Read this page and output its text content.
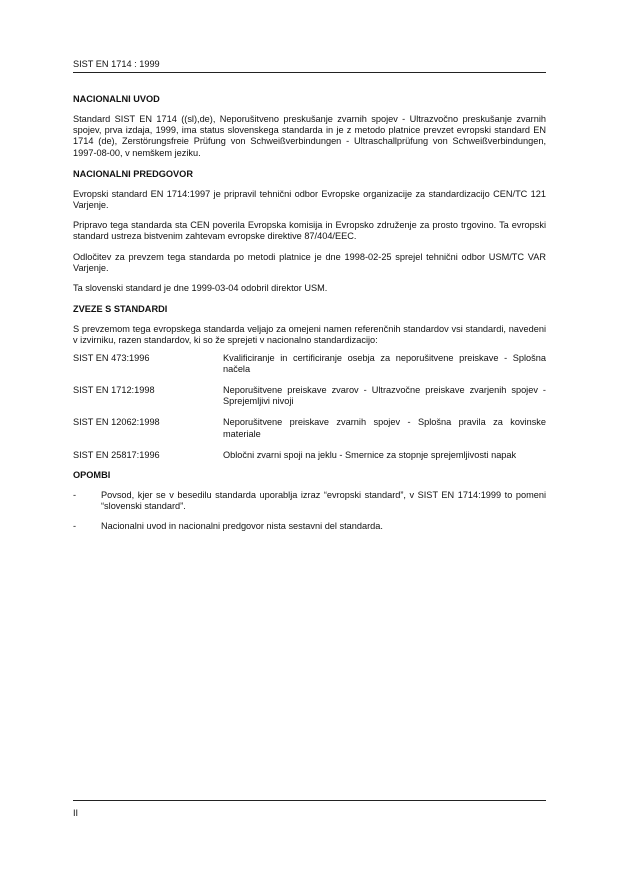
SIST EN 1714 : 1999
NACIONALNI UVOD

Standard SIST EN 1714 ((sl),de), Neporušitveno preskušanje zvarnih spojev - Ultrazvočno preskušanje zvarnih spojev, prva izdaja, 1999, ima status slovenskega standarda in je z metodo platnice prevzet evropski standard EN 1714 (de), Zerstörungsfreie Prüfung von Schweißverbindungen - Ultraschallprüfung von Schweißverbindungen, 1997-08-00, v nemškem jeziku.

NACIONALNI PREDGOVOR

Evropski standard EN 1714:1997 je pripravil tehnični odbor Evropske organizacije za standardizacijo CEN/TC 121 Varjenje.

Pripravo tega standarda sta CEN poverila Evropska komisija in Evropsko združenje za prosto trgovino. Ta evropski standard ustreza bistvenim zahtevam evropske direktive 87/404/EEC.

Odločitev za prevzem tega standarda po metodi platnice je dne 1998-02-25 sprejel tehnični odbor USM/TC VAR Varjenje.

Ta slovenski standard je dne 1999-03-04 odobril direktor USM.

ZVEZE S STANDARDI

S prevzemom tega evropskega standarda veljajo za omejeni namen referenčnih standardov vsi standardi, navedeni v izvirniku, razen standardov, ki so že sprejeti v nacionalno standardizacijo:

SIST EN 473:1996	Kvalificiranje in certificiranje osebja za neporušitvene preiskave - Splošna načela
SIST EN 1712:1998	Neporušitvene preiskave zvarov - Ultrazvočne preiskave zvarjenih spojev - Sprejemljivi nivoji
SIST EN 12062:1998	Neporušitvene preiskave zvarnih spojev - Splošna pravila za kovinske materiale
SIST EN 25817:1996	Obločni zvarni spoji na jeklu - Smernice za stopnje sprejemljivosti napak
OPOMBI
-	Povsod, kjer se v besedilu standarda uporablja izraz “evropski standard”, v SIST EN 1714:1999 to pomeni “slovenski standard”.
-	Nacionalni uvod in nacionalni predgovor nista sestavni del standarda.
II
